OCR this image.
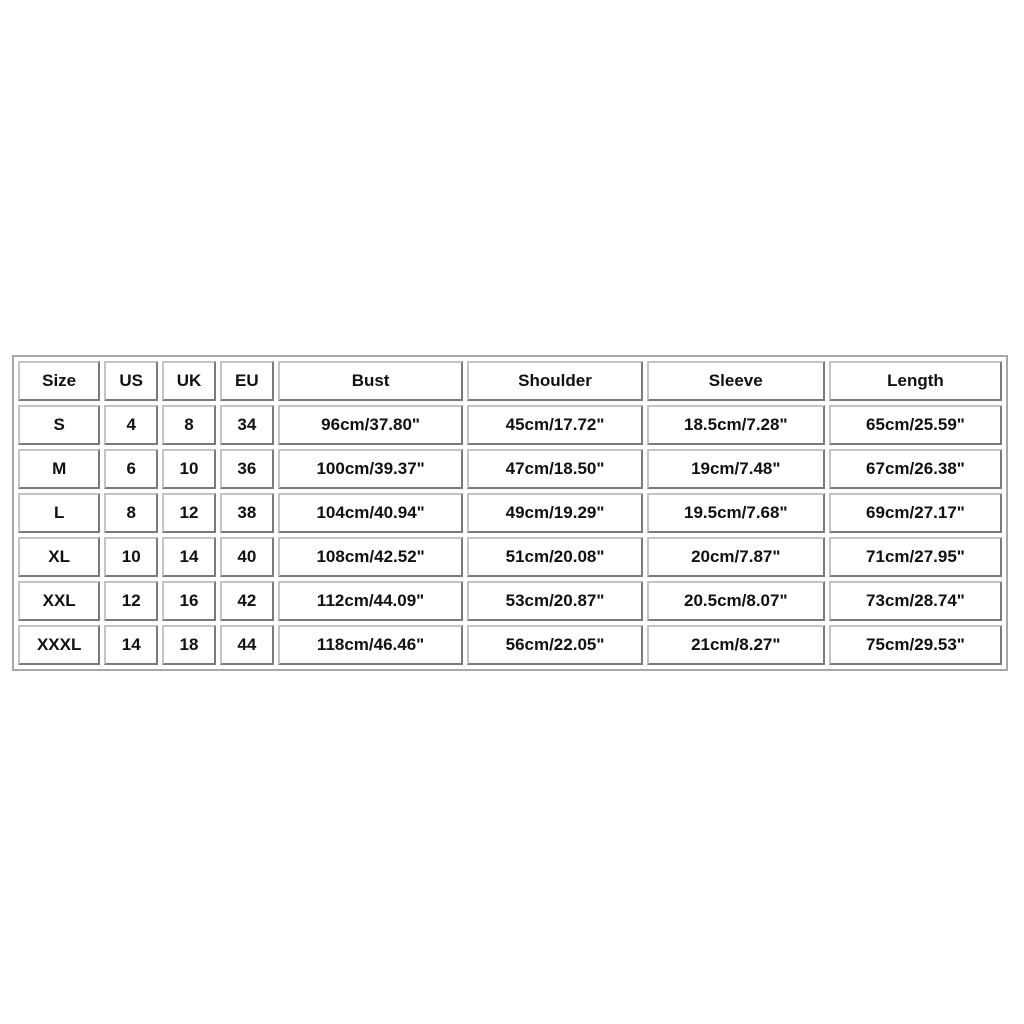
Size	US	UK	EU	Bust	Shoulder	Sleeve	Length
S	4	8	34	96cm/37.80"	45cm/17.72"	18.5cm/7.28"	65cm/25.59"
M	6	10	36	100cm/39.37"	47cm/18.50"	19cm/7.48"	67cm/26.38"
L	8	12	38	104cm/40.94"	49cm/19.29"	19.5cm/7.68"	69cm/27.17"
XL	10	14	40	108cm/42.52"	51cm/20.08"	20cm/7.87"	71cm/27.95"
XXL	12	16	42	112cm/44.09"	53cm/20.87"	20.5cm/8.07"	73cm/28.74"
XXXL	14	18	44	118cm/46.46"	56cm/22.05"	21cm/8.27"	75cm/29.53"
